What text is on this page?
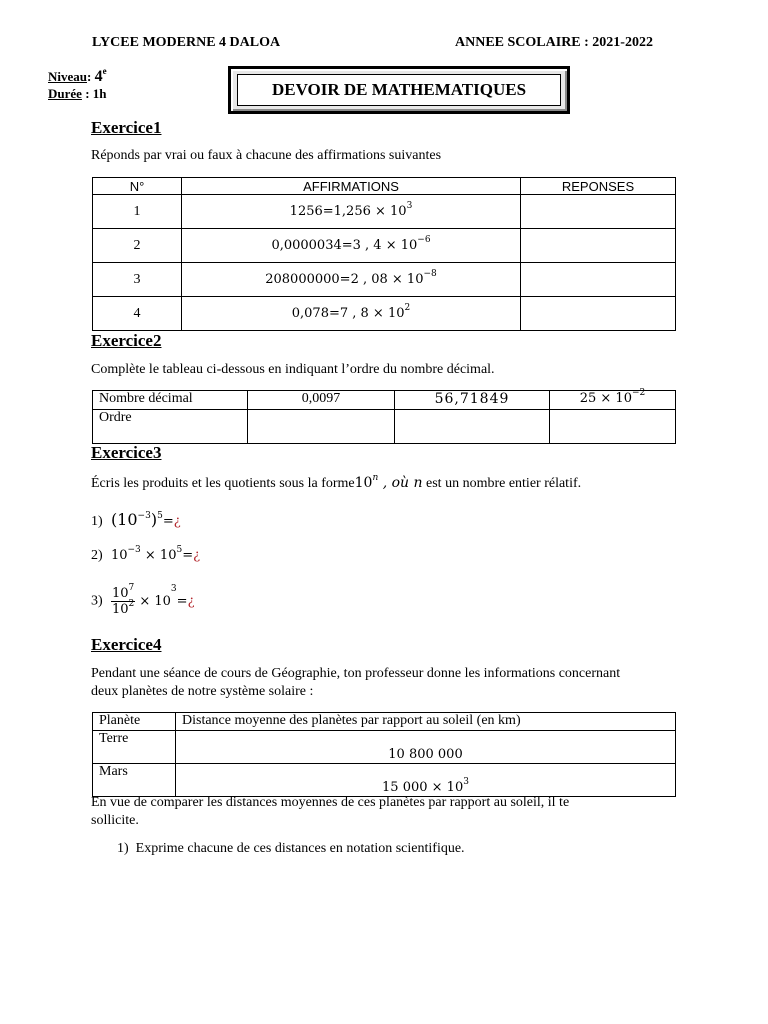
LYCEE MODERNE 4 DALOA	ANNEE SCOLAIRE : 2021-2022
Niveau: 4e
Durée : 1h	DEVOIR DE MATHEMATIQUES
Exercice1
Réponds par vrai ou faux à chacune des affirmations suivantes
N°	AFFIRMATIONS	REPONSES
1	$1256=1,256 \times 10^3$	
2	0,0000034=3 , $4 \times 10^{-6}$	
3	208000000=2 , $08 \times 10^{-8}$	
4	0,078=7 , $8 \times 10^2$	
Exercice2
Complète le tableau ci-dessous en indiquant l’ordre du nombre décimal.
Nombre décimal	0,0097	56,71849	$25 \times 10^{-2}$
Ordre			
Exercice3
Écris les produits et les quotients sous la forme10$^n$ , où n est un nombre entier rélatif.
1) $(10^{-3})^5=¿$
2) $10^{-3}$ × $10^5=¿$
$3) \frac{10^7}{10^2}$ × $10^3=¿$
Exercice4
Pendant une séance de cours de Géographie, ton professeur donne les informations concernant
deux planètes de notre système solaire :
Planète	Distance moyenne des planètes par rapport au soleil (en km)
Terre	10 800 000
Mars	15 $000 \times 10^3$
En vue de comparer les distances moyennes de ces planètes par rapport au soleil, il te
sollicite.
1) Exprime chacune de ces distances en notation scientifique.
